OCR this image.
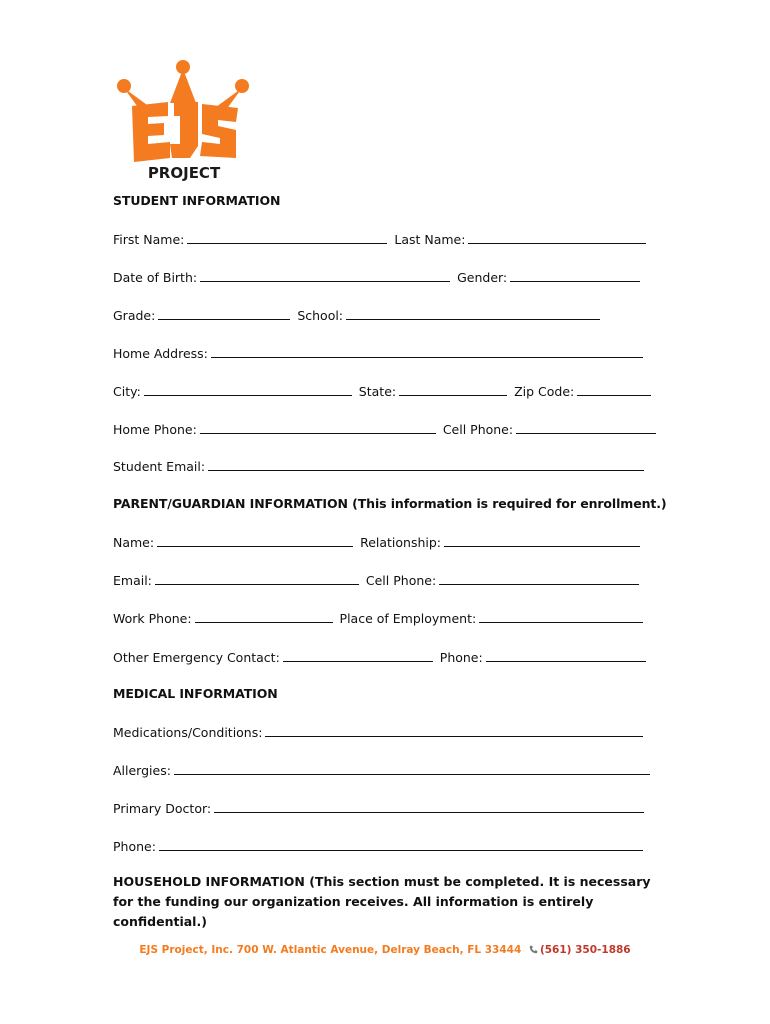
PROJECT
STUDENT INFORMATION
First Name:	Last Name:
Date of Birth:	Gender:
Grade:	School:
Home Address:
City:	State:	Zip Code:
Home Phone:	Cell Phone:
Student Email:
PARENT/GUARDIAN INFORMATION (This information is required for enrollment.)
Name:	Relationship:
Email:	Cell Phone:
Work Phone:	Place of Employment:
Other Emergency Contact:	Phone:
MEDICAL INFORMATION
Medications/Conditions:
Allergies:
Primary Doctor:
Phone:
HOUSEHOLD INFORMATION (This section must be completed. It is necessary for the funding our organization receives. All information is entirely confidential.)
EJS Project, Inc. 700 W. Atlantic Avenue, Delray Beach, FL 33444 (561) 350-1886
